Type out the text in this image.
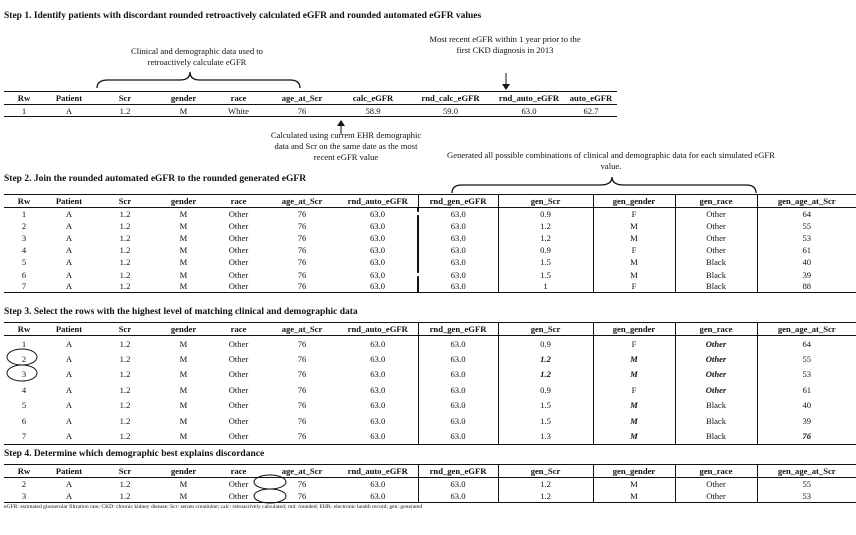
Step 1. Identify patients with discordant rounded retroactively calculated eGFR and rounded automated eGFR values
Clinical and demographic data used to retroactively calculate eGFR
Most recent eGFR within 1 year prior to the first CKD diagnosis in 2013
Rw	Patient	Scr	gender	race	age_at_Scr	calc_eGFR	rnd_calc_eGFR	rnd_auto_eGFR	auto_eGFR
1	A	1.2	M	White	76	58.9	59.0	63.0	62.7
Calculated using current EHR demographic data and Scr on the same date as the most recent eGFR value
Step 2. Join the rounded automated eGFR to the rounded generated eGFR
Generated all possible combinations of clinical and demographic data for each simulated eGFR value.
Rw	Patient	Scr	gender	race	age_at_Scr	rnd_auto_eGFR	rnd_gen_eGFR	gen_Scr	gen_gender	gen_race	gen_age_at_Scr
1	A	1.2	M	Other	76	63.0	63.0	0.9	F	Other	64
2	A	1.2	M	Other	76	63.0	63.0	1.2	M	Other	55
3	A	1.2	M	Other	76	63.0	63.0	1.2	M	Other	53
4	A	1.2	M	Other	76	63.0	63.0	0.9	F	Other	61
5	A	1.2	M	Other	76	63.0	63.0	1.5	M	Black	40
6	A	1.2	M	Other	76	63.0	63.0	1.5	M	Black	39
7	A	1.2	M	Other	76	63.0	63.0	1	F	Black	88
Step 3. Select the rows with the highest level of matching clinical and demographic data
Rw	Patient	Scr	gender	race	age_at_Scr	rnd_auto_eGFR	rnd_gen_eGFR	gen_Scr	gen_gender	gen_race	gen_age_at_Scr
1	A	1.2	M	Other	76	63.0	63.0	0.9	F	Other	64
2	A	1.2	M	Other	76	63.0	63.0	1.2	M	Other	55
3	A	1.2	M	Other	76	63.0	63.0	1.2	M	Other	53
4	A	1.2	M	Other	76	63.0	63.0	0.9	F	Other	61
5	A	1.2	M	Other	76	63.0	63.0	1.5	M	Black	40
6	A	1.2	M	Other	76	63.0	63.0	1.5	M	Black	39
7	A	1.2	M	Other	76	63.0	63.0	1.3	M	Black	76
Step 4. Determine which demographic best explains discordance
Rw	Patient	Scr	gender	race	age_at_Scr	rnd_auto_eGFR	rnd_gen_eGFR	gen_Scr	gen_gender	gen_race	gen_age_at_Scr
2	A	1.2	M	Other	76	63.0	63.0	1.2	M	Other	55
3	A	1.2	M	Other	76	63.0	63.0	1.2	M	Other	53
eGFR: estimated glomerular filtration rate; CKD: chronic kidney disease; Scr: serum creatinine; calc: retroactively calculated; rnd: rounded; EHR: electronic health record; gen: generated
